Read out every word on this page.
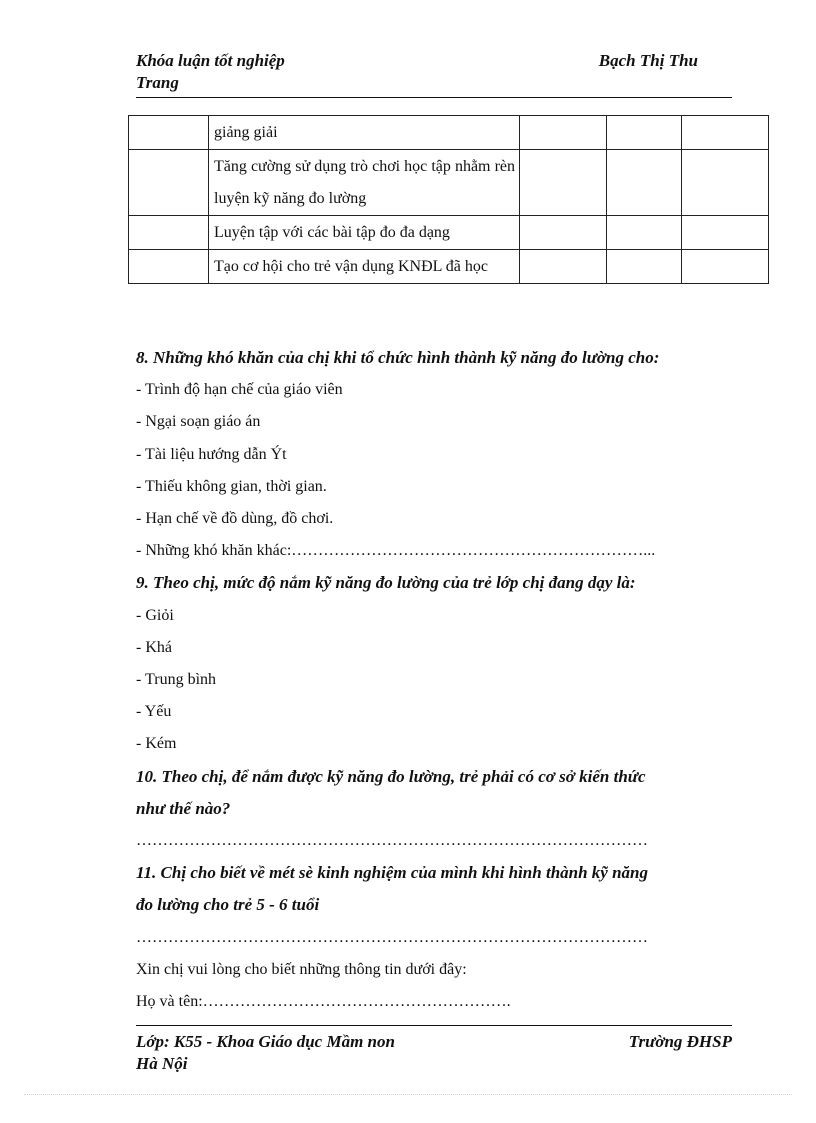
Khóa luận tốt nghiệp	Bạch Thị Thu
Trang
	giảng giải			
	Tăng cường sử dụng trò chơi học tập nhằm rèn luyện kỹ năng đo lường			
	Luyện tập với các bài tập đo đa dạng			
	Tạo cơ hội cho trẻ vận dụng KNĐL đã học			

8. Những khó khăn của chị khi tổ chức hình thành kỹ năng đo lường cho:

- Trình độ hạn chế của giáo viên

- Ngại soạn giáo án

- Tài liệu hướng dẫn Ýt

- Thiếu không gian, thời gian.

- Hạn chế về đồ dùng, đồ chơi.

- Những khó khăn khác:…………………………………………………………...

9. Theo chị, mức độ nắm kỹ năng đo lường của trẻ lớp chị đang dạy là:

- Giỏi

- Khá

- Trung bình

- Yếu

- Kém

10. Theo chị, để nắm được kỹ năng đo lường, trẻ phải có cơ sở kiến thức

như thế nào?

……………………………………………………………………………………

11. Chị cho biết về mét sè kinh nghiệm của mình khi hình thành kỹ năng

đo lường cho trẻ 5 - 6 tuổi

……………………………………………………………………………………

Xin chị vui lòng cho biết những thông tin dưới đây:

Họ và tên:………………………………………………….

Lớp: K55 - Khoa Giáo dục Mầm non	Trường ĐHSP
Hà Nội
